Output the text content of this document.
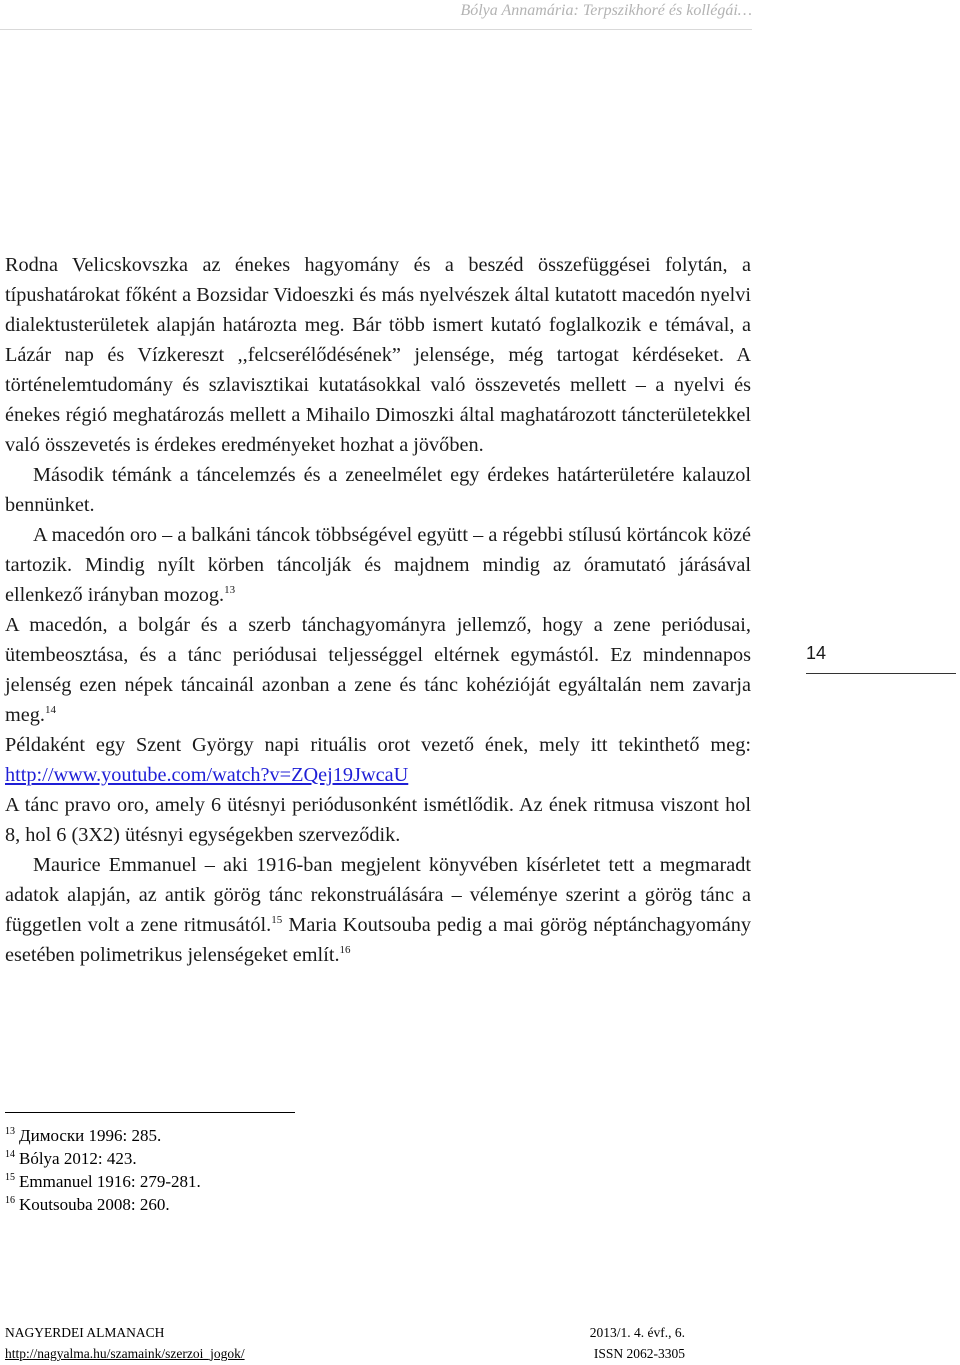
Bólya Annamária: Terpszikhoré és kollégái…

Rodna Velicskovszka az énekes hagyomány és a beszéd összefüggései folytán, a típushatárokat főként a Bozsidar Vidoeszki és más nyelvészek által kutatott macedón nyelvi dialektusterületek alapján határozta meg. Bár több ismert kutató foglalkozik e témával, a Lázár nap és Vízkereszt ,,felcserélődésének” jelensége, még tartogat kérdéseket. A történelemtudomány és szlavisztikai kutatásokkal való összevetés mellett – a nyelvi és énekes régió meghatározás mellett a Mihailo Dimoszki által maghatározott táncterületekkel való összevetés is érdekes eredményeket hozhat a jövőben.

Második témánk a táncelemzés és a zeneelmélet egy érdekes határterületére kalauzol bennünket.

A macedón oro – a balkáni táncok többségével együtt – a régebbi stílusú körtáncok közé tartozik. Mindig nyílt körben táncolják és majdnem mindig az óramutató járásával ellenkező irányban mozog.$^{13}$

A macedón, a bolgár és a szerb tánchagyományra jellemző, hogy a zene periódusai, ütembeosztása, és a tánc periódusai teljességgel eltérnek egymástól. Ez mindennapos jelenség ezen népek táncainál azonban a zene és tánc kohézióját egyáltalán nem zavarja meg.$^{14}$

Példaként egy Szent György napi rituális orot vezető ének, mely itt tekinthető meg: http://www.youtube.com/watch?v=ZQej19JwcaU

A tánc pravo oro, amely 6 ütésnyi periódusonként ismétlődik. Az ének ritmusa viszont hol 8, hol 6 (3X2) ütésnyi egységekben szerveződik.

Maurice Emmanuel – aki 1916-ban megjelent könyvében kísérletet tett a megmaradt adatok alapján, az antik görög tánc rekonstruálására – véleménye szerint a görög tánc a független volt a zene ritmusától.$^{15}$ Maria Koutsouba pedig a mai görög néptánchagyomány esetében polimetrikus jelenségeket említ.$^{16}$

14
$^{13}$ Димоски 1996: 285.
$^{14}$ Bólya 2012: 423.
$^{15}$ Emmanuel 1916: 279-281.
$^{16}$ Koutsouba 2008: 260.
NAGYERDEI ALMANACH	2013/1. 4. évf., 6.
http://nagyalma.hu/szamaink/szerzoi_jogok/	ISSN 2062-3305
